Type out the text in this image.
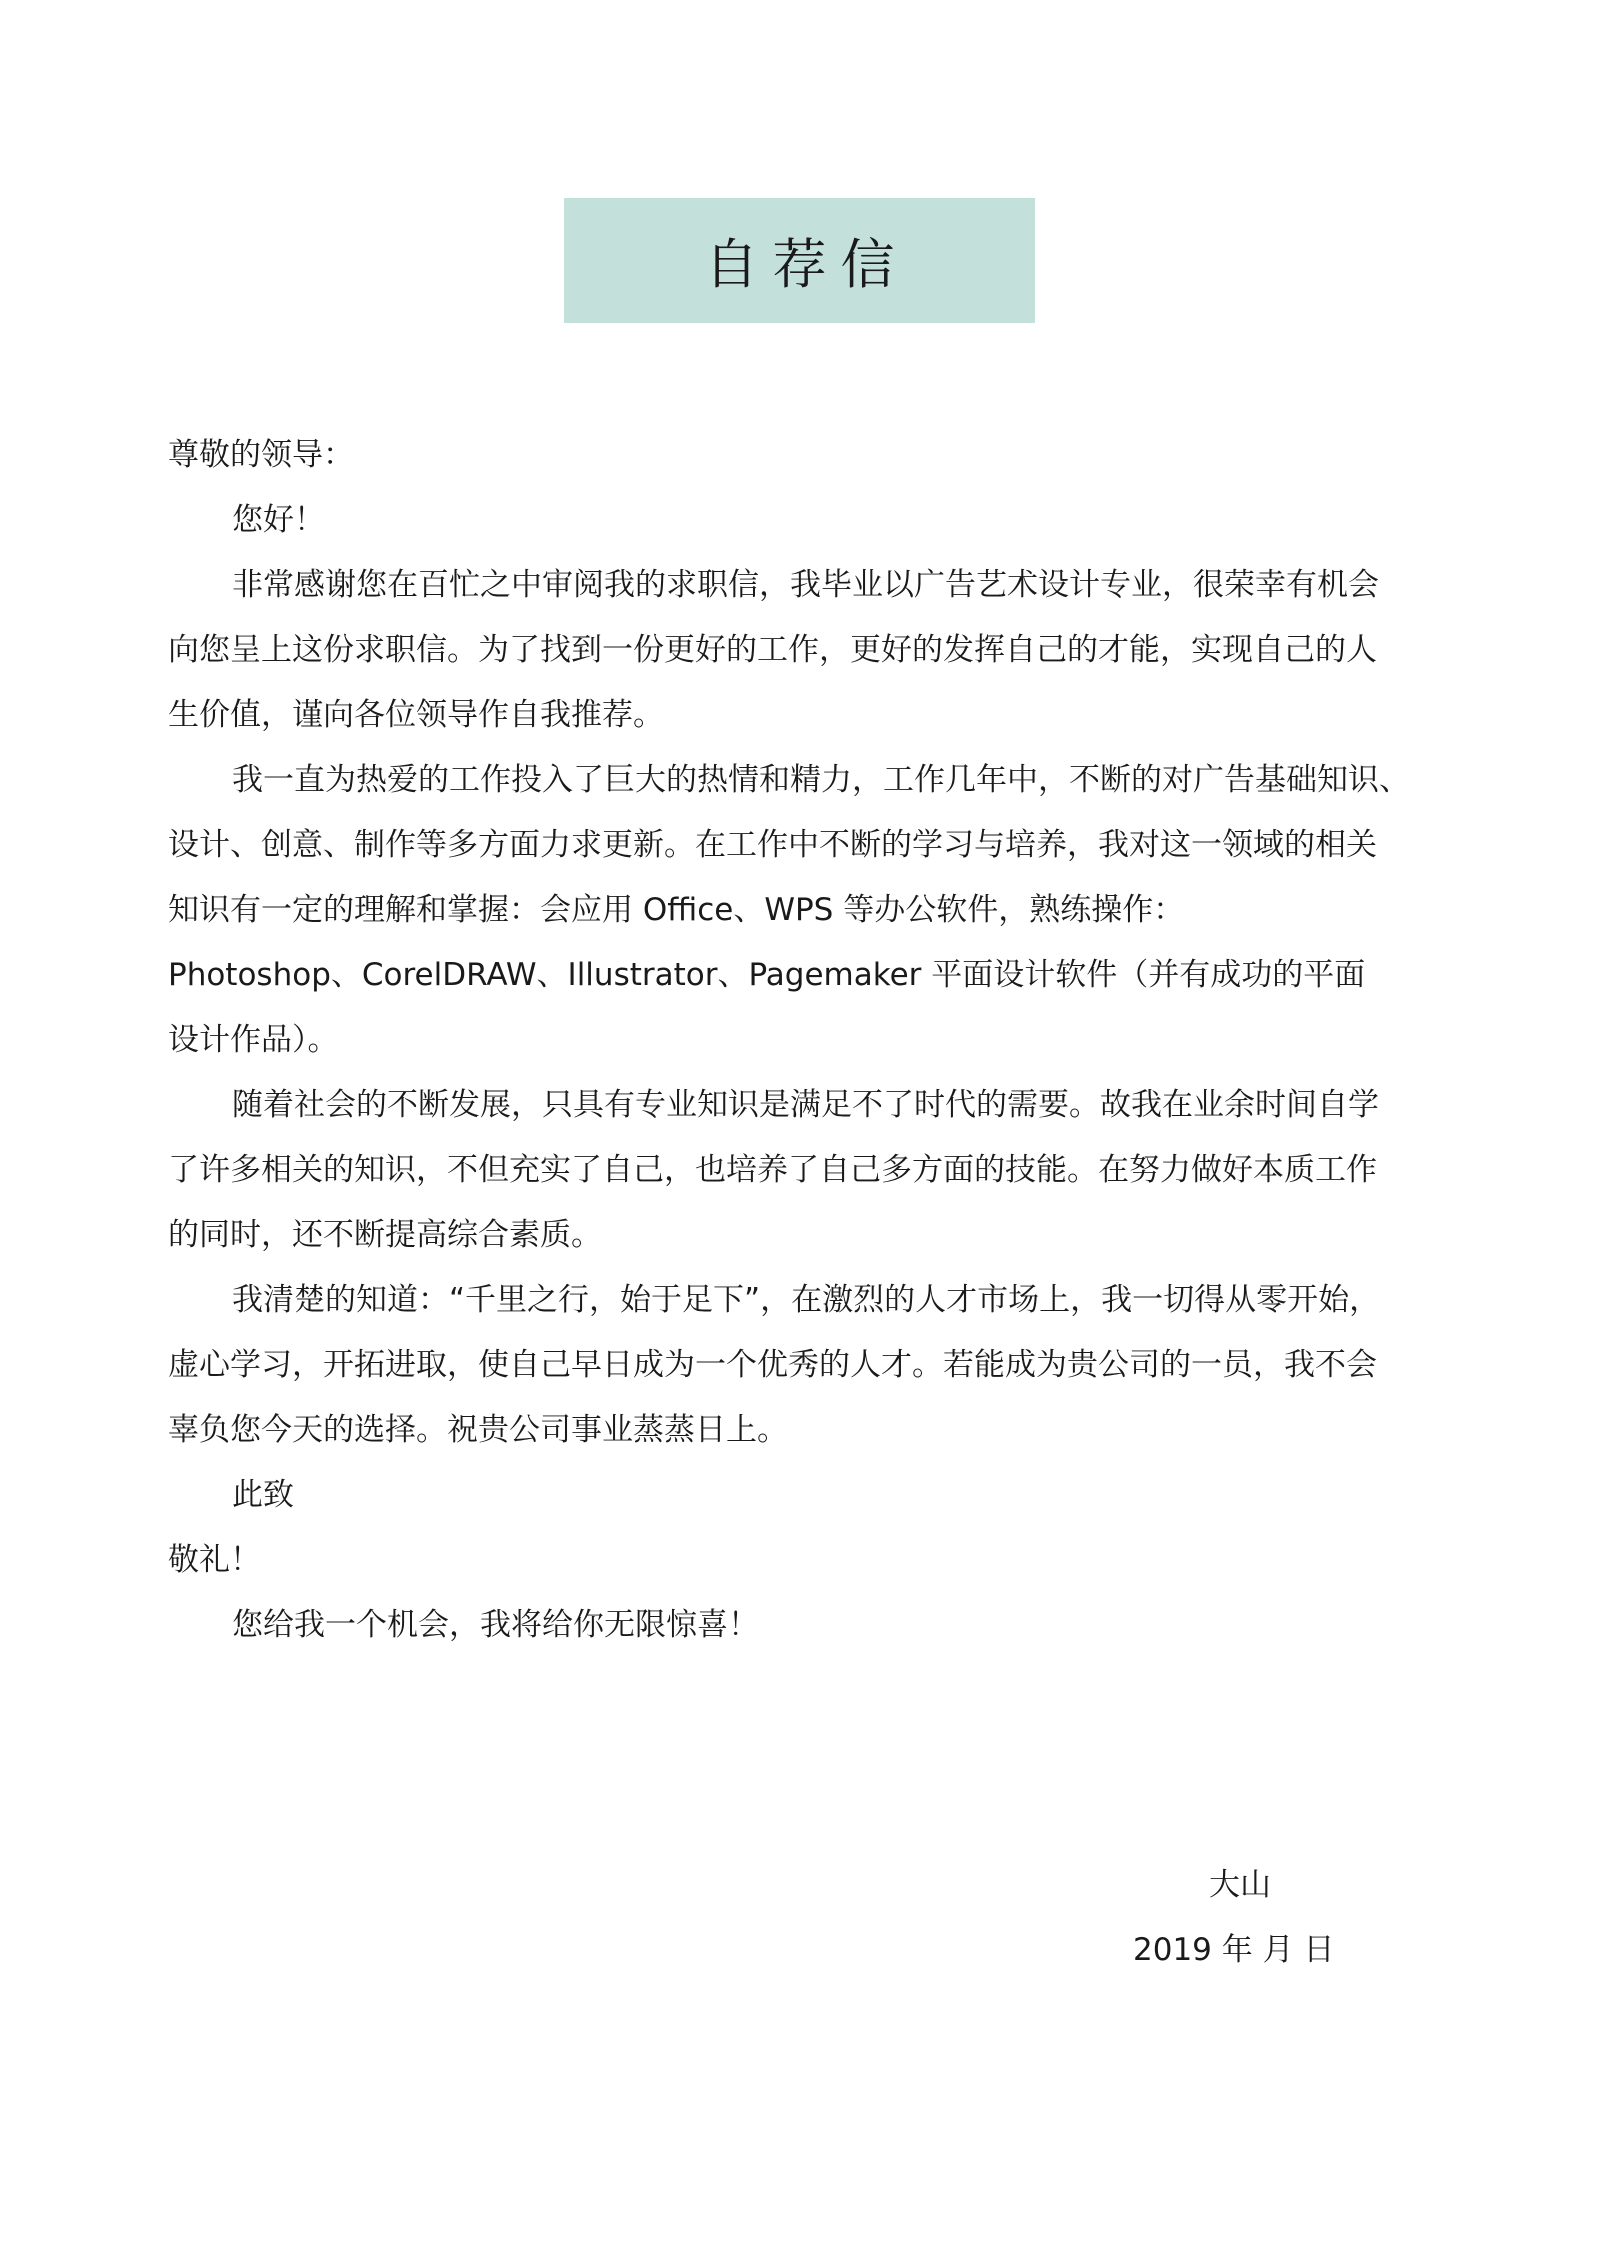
自荐信

尊敬的领导：

您好！

非常感谢您在百忙之中审阅我的求职信，我毕业以广告艺术设计专业，很荣幸有机会
向您呈上这份求职信。为了找到一份更好的工作，更好的发挥自己的才能，实现自己的人
生价值，谨向各位领导作自我推荐。

我一直为热爱的工作投入了巨大的热情和精力，工作几年中，不断的对广告基础知识、
设计、创意、制作等多方面力求更新。在工作中不断的学习与培养，我对这一领域的相关
知识有一定的理解和掌握：会应用 Office、WPS 等办公软件，熟练操作：
Photoshop、CorelDRAW、Illustrator、Pagemaker 平面设计软件（并有成功的平面
设计作品）。

随着社会的不断发展，只具有专业知识是满足不了时代的需要。故我在业余时间自学
了许多相关的知识，不但充实了自己，也培养了自己多方面的技能。在努力做好本质工作
的同时，还不断提高综合素质。

我清楚的知道：“千里之行，始于足下”，在激烈的人才市场上，我一切得从零开始，
虚心学习，开拓进取，使自己早日成为一个优秀的人才。若能成为贵公司的一员，我不会
辜负您今天的选择。祝贵公司事业蒸蒸日上。

此致

敬礼！

您给我一个机会，我将给你无限惊喜！

大山
2019 年 月 日
